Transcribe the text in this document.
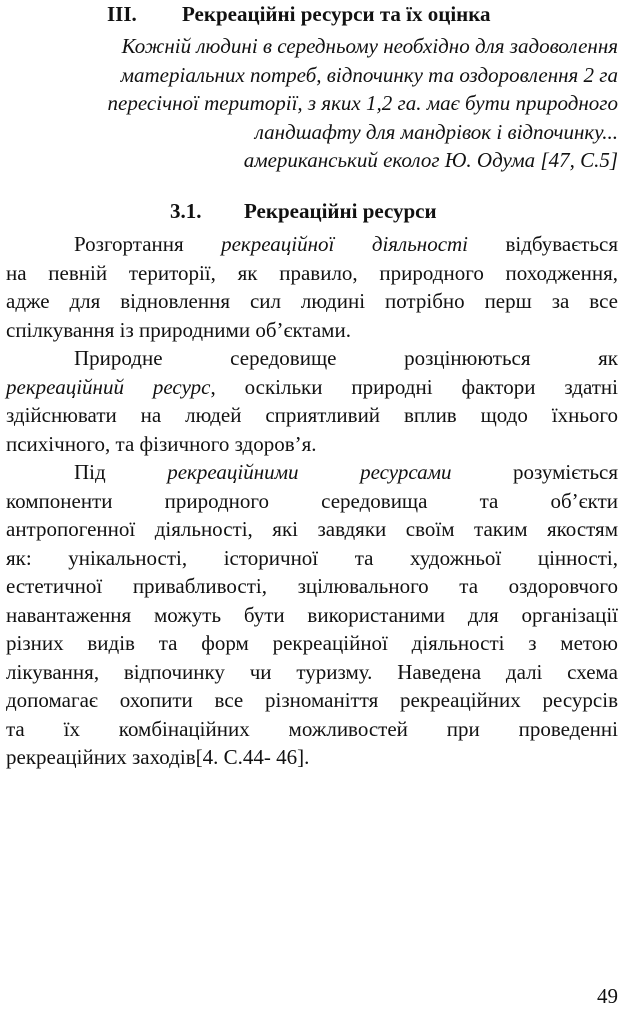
III. Рекреаційні ресурси та їх оцінка
Кожній людині в середньому необхідно для задоволення
матеріальних потреб, відпочинку та оздоровлення 2 га
пересічної території, з яких 1,2 га. має бути природного
ландшафту для мандрівок і відпочинку...
американський еколог Ю. Одума [47, С.5]
3.1. Рекреаційні ресурси
Розгортання рекреаційної діяльності відбувається
на певній території, як правило, природного походження,
адже для відновлення сил людині потрібно перш за все
спілкування із природними об’єктами.
Природне середовище розцінюються як
рекреаційний ресурс, оскільки природні фактори здатні
здійснювати на людей сприятливий вплив щодо їхнього
психічного, та фізичного здоров’я.
Під рекреаційними ресурсами розуміється
компоненти природного середовища та об’єкти
антропогенної діяльності, які завдяки своїм таким якостям
як: унікальності, історичної та художньої цінності,
естетичної привабливості, зцілювального та оздоровчого
навантаження можуть бути використаними для організації
різних видів та форм рекреаційної діяльності з метою
лікування, відпочинку чи туризму. Наведена далі схема
допомагає охопити все різноманіття рекреаційних ресурсів
та їх комбінаційних можливостей при проведенні
рекреаційних заходів[4. С.44- 46].
49
